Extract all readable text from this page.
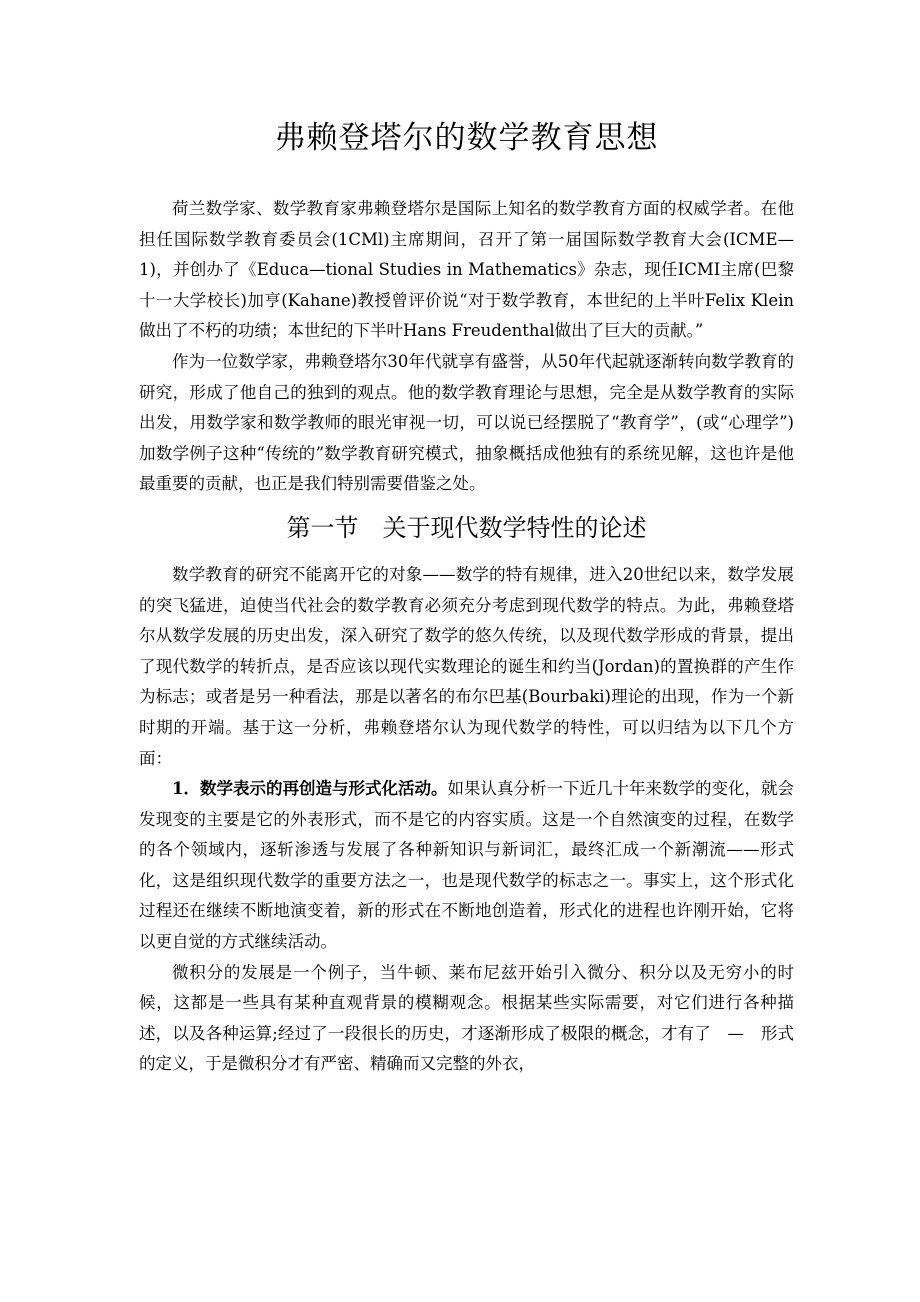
弗赖登塔尔的数学教育思想

荷兰数学家、数学教育家弗赖登塔尔是国际上知名的数学教育方面的权威学者。在他担任国际数学教育委员会(1CMl)主席期间，召开了第一届国际数学教育大会(ICME—1)，并创办了《Educa—tional Studies in Mathematics》杂志，现任ICMI主席(巴黎十一大学校长)加亨(Kahane)教授曾评价说“对于数学教育，本世纪的上半叶Felix Klein做出了不朽的功绩；本世纪的下半叶Hans Freudenthal做出了巨大的贡献。”

作为一位数学家，弗赖登塔尔30年代就享有盛誉，从50年代起就逐渐转向数学教育的研究，形成了他自己的独到的观点。他的数学教育理论与思想，完全是从数学教育的实际出发，用数学家和数学教师的眼光审视一切，可以说已经摆脱了“教育学”，(或“心理学”)加数学例子这种“传统的”数学教育研究模式，抽象概括成他独有的系统见解，这也许是他最重要的贡献，也正是我们特别需要借鉴之处。

第一节　关于现代数学特性的论述

数学教育的研究不能离开它的对象——数学的特有规律，进入20世纪以来，数学发展的突飞猛进，迫使当代社会的数学教育必须充分考虑到现代数学的特点。为此，弗赖登塔尔从数学发展的历史出发，深入研究了数学的悠久传统，以及现代数学形成的背景，提出了现代数学的转折点，是否应该以现代实数理论的诞生和约当(Jordan)的置换群的产生作为标志；或者是另一种看法，那是以著名的布尔巴基(Bourbaki)理论的出现，作为一个新时期的开端。基于这一分析，弗赖登塔尔认为现代数学的特性，可以归结为以下几个方面：

1．数学表示的再创造与形式化活动。如果认真分析一下近几十年来数学的变化，就会发现变的主要是它的外表形式，而不是它的内容实质。这是一个自然演变的过程，在数学的各个领域内，逐斩渗透与发展了各种新知识与新词汇，最终汇成一个新潮流——形式化，这是组织现代数学的重要方法之一，也是现代数学的标志之一。事实上，这个形式化过程还在继续不断地演变着，新的形式在不断地创造着，形式化的进程也许刚开始，它将以更自觉的方式继续活动。

微积分的发展是一个例子，当牛顿、莱布尼兹开始引入微分、积分以及无穷小的时候，这都是一些具有某种直观背景的模糊观念。根据某些实际需要，对它们进行各种描述，以及各种运算;经过了一段很长的历史，才逐渐形成了极限的概念，才有了　—　形式的定义，于是微积分才有严密、精确而又完整的外衣，
